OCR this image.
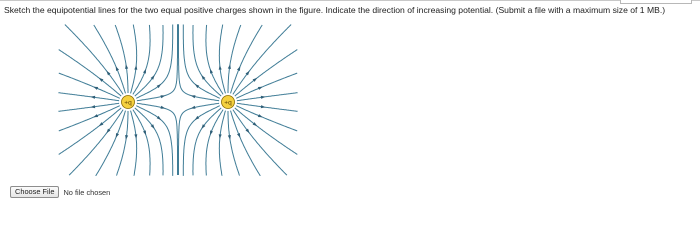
Sketch the equipotential lines for the two equal positive charges shown in the figure. Indicate the direction of increasing potential. (Submit a file with a maximum size of 1 MB.)
+q	+q
Choose File	No file chosen
